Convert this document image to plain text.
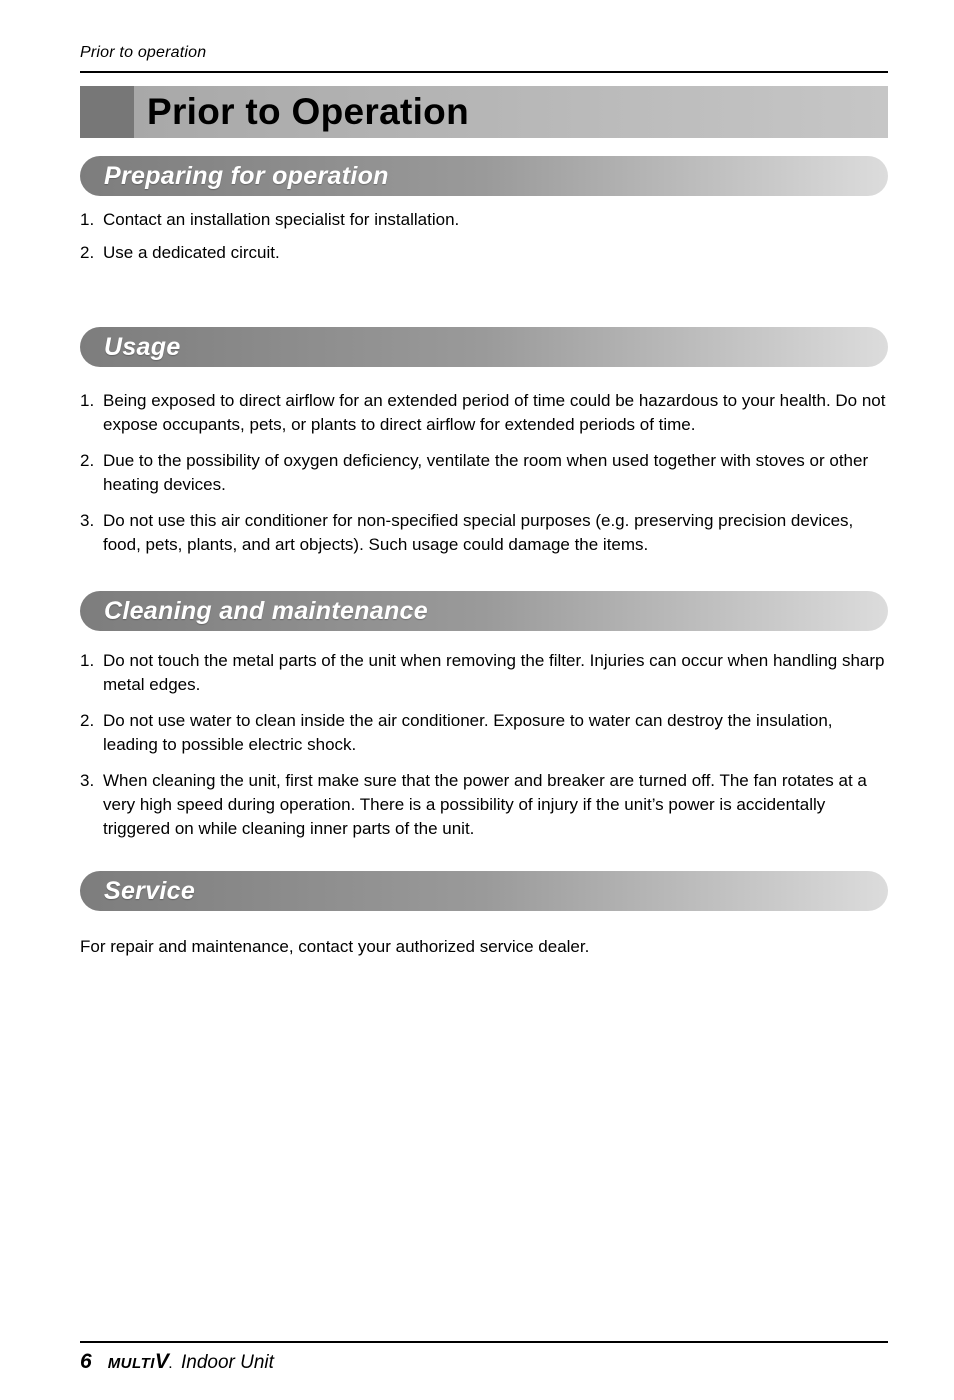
Prior to operation
Prior to Operation
Preparing for operation
1. Contact an installation specialist for installation.
2. Use a dedicated circuit.
Usage
1. Being exposed to direct airflow for an extended period of time could be hazardous to your health. Do not expose occupants, pets, or plants to direct airflow for extended periods of time.
2. Due to the possibility of oxygen deficiency, ventilate the room when used together with stoves or other heating devices.
3. Do not use this air conditioner for non-specified special purposes (e.g. preserving precision devices, food, pets, plants, and art objects). Such usage could damage the items.
Cleaning and maintenance
1. Do not touch the metal parts of the unit when removing the filter. Injuries can occur when handling sharp metal edges.
2. Do not use water to clean inside the air conditioner. Exposure to water can destroy the insulation, leading to possible electric shock.
3. When cleaning the unit, first make sure that the power and breaker are turned off. The fan rotates at a very high speed during operation. There is a possibility of injury if the unit’s power is accidentally triggered on while cleaning inner parts of the unit.
Service
For repair and maintenance, contact your authorized service dealer.
6 MULTIV. Indoor Unit
